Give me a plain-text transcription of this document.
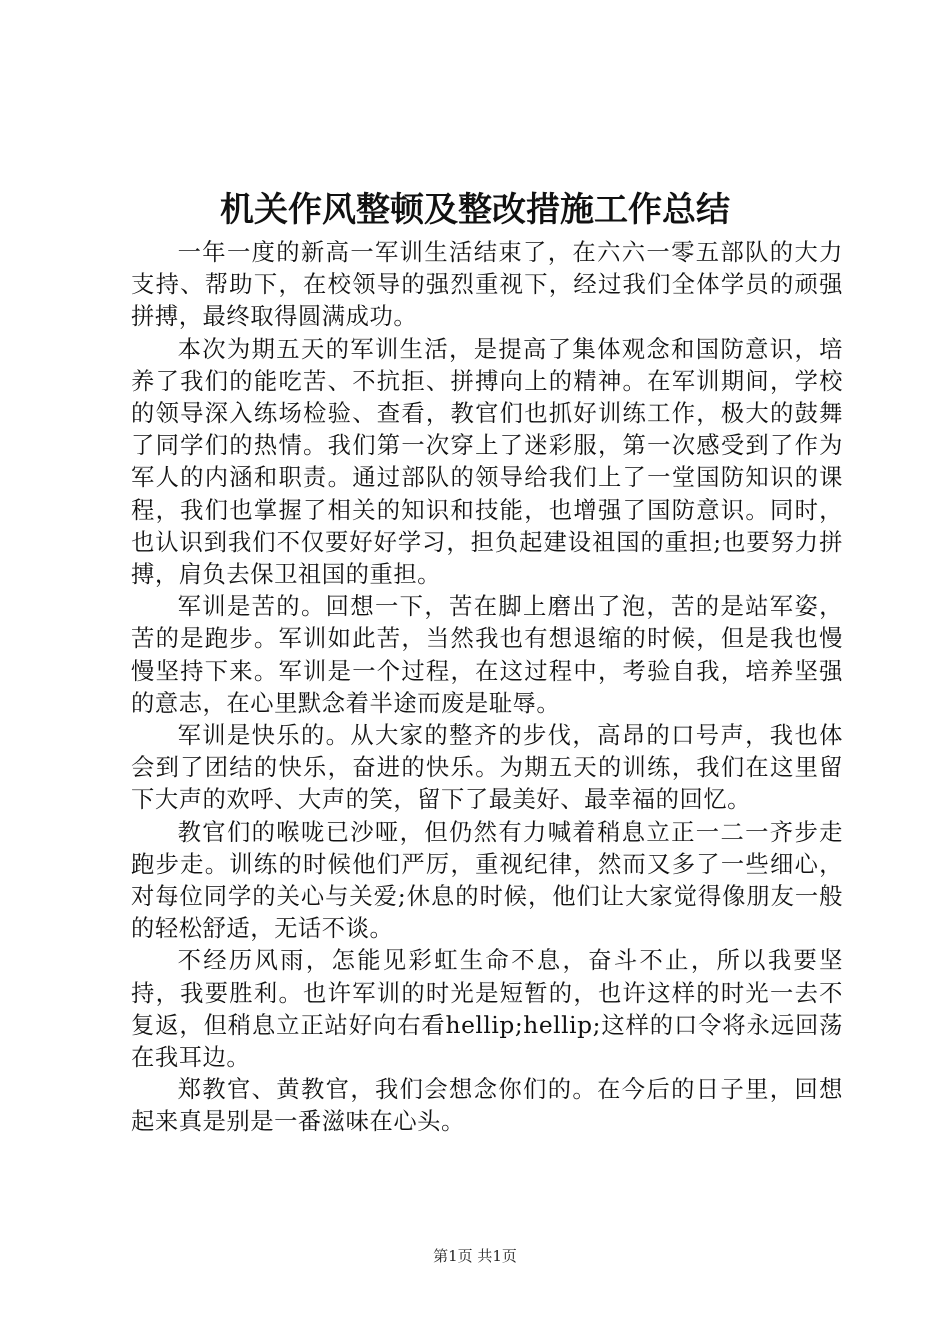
机关作风整顿及整改措施工作总结

一年一度的新高一军训生活结束了，在六六一零五部队的大力支持、帮助下，在校领导的强烈重视下，经过我们全体学员的顽强拼搏，最终取得圆满成功。

本次为期五天的军训生活，是提高了集体观念和国防意识，培养了我们的能吃苦、不抗拒、拼搏向上的精神。在军训期间，学校的领导深入练场检验、查看，教官们也抓好训练工作，极大的鼓舞了同学们的热情。我们第一次穿上了迷彩服，第一次感受到了作为军人的内涵和职责。通过部队的领导给我们上了一堂国防知识的课程，我们也掌握了相关的知识和技能，也增强了国防意识。同时，也认识到我们不仅要好好学习，担负起建设祖国的重担;也要努力拼搏，肩负去保卫祖国的重担。

军训是苦的。回想一下，苦在脚上磨出了泡，苦的是站军姿，苦的是跑步。军训如此苦，当然我也有想退缩的时候，但是我也慢慢坚持下来。军训是一个过程，在这过程中，考验自我，培养坚强的意志，在心里默念着半途而废是耻辱。

军训是快乐的。从大家的整齐的步伐，高昂的口号声，我也体会到了团结的快乐，奋进的快乐。为期五天的训练，我们在这里留下大声的欢呼、大声的笑，留下了最美好、最幸福的回忆。

教官们的喉咙已沙哑，但仍然有力喊着稍息立正一二一齐步走跑步走。训练的时候他们严厉，重视纪律，然而又多了一些细心，对每位同学的关心与关爱;休息的时候，他们让大家觉得像朋友一般的轻松舒适，无话不谈。

不经历风雨，怎能见彩虹生命不息，奋斗不止，所以我要坚持，我要胜利。也许军训的时光是短暂的，也许这样的时光一去不复返，但稍息立正站好向右看hellip;hellip;这样的口令将永远回荡在我耳边。

郑教官、黄教官，我们会想念你们的。在今后的日子里，回想起来真是别是一番滋味在心头。

第1页 共1页
